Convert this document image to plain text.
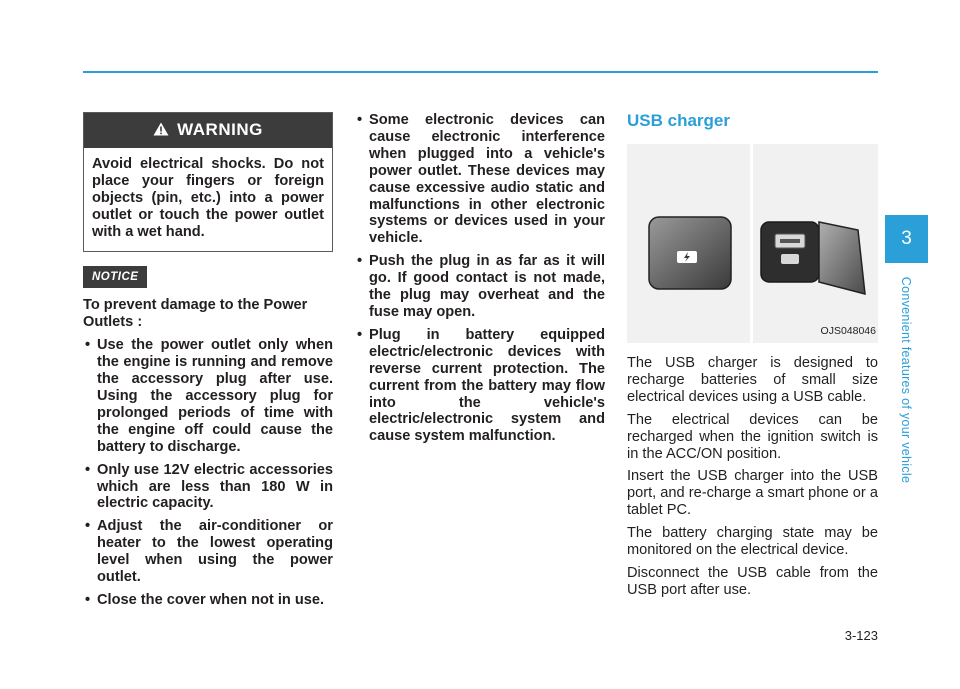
WARNING
Avoid electrical shocks. Do not place your fingers or foreign objects (pin, etc.) into a power outlet or touch the power outlet with a wet hand.
NOTICE
To prevent damage to the Power Outlets :
• Use the power outlet only when the engine is running and remove the accessory plug after use. Using the accessory plug for prolonged periods of time with the engine off could cause the battery to discharge.
• Only use 12V electric accessories which are less than 180 W in electric capacity.
• Adjust the air-conditioner or heater to the lowest operating level when using the power outlet.
• Close the cover when not in use.
• Some electronic devices can cause electronic interference when plugged into a vehicle's power outlet. These devices may cause excessive audio static and malfunctions in other electronic systems or devices used in your vehicle.
• Push the plug in as far as it will go. If good contact is not made, the plug may overheat and the fuse may open.
• Plug in battery equipped electric/electronic devices with reverse current protection. The current from the battery may flow into the vehicle's electric/electronic system and cause system malfunction.
USB charger
OJS048046

The USB charger is designed to recharge batteries of small size electrical devices using a USB cable.

The electrical devices can be recharged when the ignition switch is in the ACC/ON position.

Insert the USB charger into the USB port, and re-charge a smart phone or a tablet PC.

The battery charging state may be monitored on the electrical device.

Disconnect the USB cable from the USB port after use.

3
Convenient features of your vehicle
3-123
